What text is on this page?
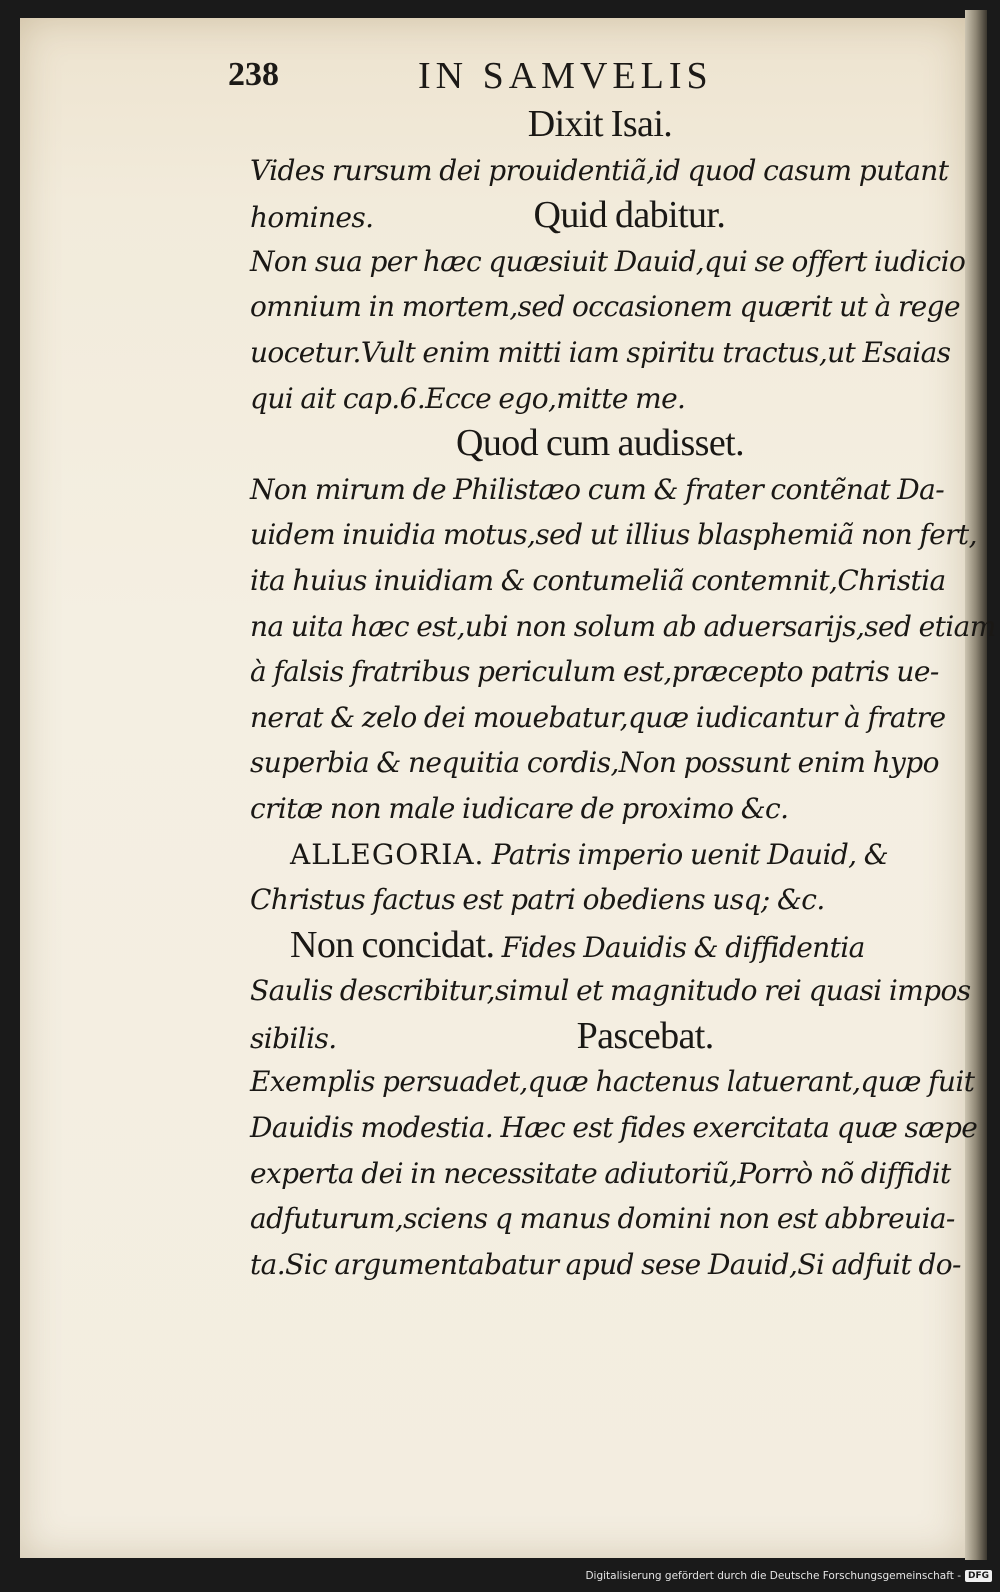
238	IN SAMVELIS
Dixit Isai.
Vides rursum dei prouidentiã,id quod casum putant
homines.	Quid dabitur.
Non sua per hæc quæsiuit Dauid,qui se offert iudicio
omnium in mortem,sed occasionem quærit ut à rege
uocetur.Vult enim mitti iam spiritu tractus,ut Esaias
qui ait cap.6.Ecce ego,mitte me.
Quod cum audisset.
Non mirum de Philistæo cum & frater contẽnat Da-
uidem inuidia motus,sed ut illius blasphemiã non fert,
ita huius inuidiam & contumeliã contemnit,Christia
na uita hæc est,ubi non solum ab aduersarijs,sed etiam
à falsis fratribus periculum est,præcepto patris ue-
nerat & zelo dei mouebatur,quæ iudicantur à fratre
superbia & nequitia cordis,Non possunt enim hypo
critæ non male iudicare de proximo &c.
ALLEGORIA. Patris imperio uenit Dauid, &
Christus factus est patri obediens usq; &c.
Non concidat. Fides Dauidis & diffidentia
Saulis describitur,simul et magnitudo rei quasi impos
sibilis.	Pascebat.
Exemplis persuadet,quæ hactenus latuerant,quæ fuit
Dauidis modestia. Hæc est fides exercitata quæ sæpe
experta dei in necessitate adiutoriũ,Porrò nõ diffidit
adfuturum,sciens q manus domini non est abbreuia-
ta.Sic argumentabatur apud sese Dauid,Si adfuit do-
Digitalisierung gefördert durch die Deutsche Forschungsgemeinschaft - DFG
